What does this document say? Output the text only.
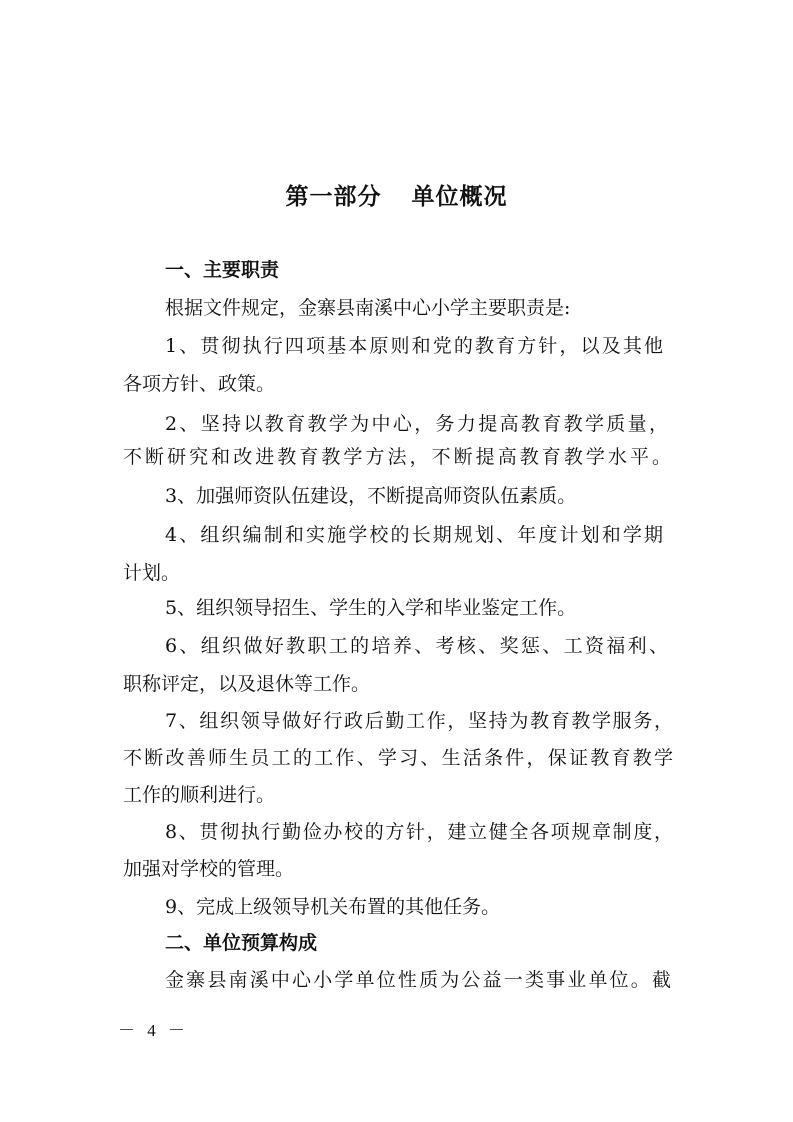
第一部分 单位概况
一、主要职责
根据文件规定，金寨县南溪中心小学主要职责是:
1、贯彻执行四项基本原则和党的教育方针，以及其他
各项方针、政策。
2、坚持以教育教学为中心，务力提高教育教学质量，
不断研究和改进教育教学方法，不断提高教育教学水平。
3、加强师资队伍建设，不断提高师资队伍素质。
4、组织编制和实施学校的长期规划、年度计划和学期
计划。
5、组织领导招生、学生的入学和毕业鉴定工作。
6、组织做好教职工的培养、考核、奖惩、工资福利、
职称评定，以及退休等工作。
7、组织领导做好行政后勤工作，坚持为教育教学服务，
不断改善师生员工的工作、学习、生活条件，保证教育教学
工作的顺利进行。
8、贯彻执行勤俭办校的方针，建立健全各项规章制度，
加强对学校的管理。
9、完成上级领导机关布置的其他任务。
二、单位预算构成
金寨县南溪中心小学单位性质为公益一类事业单位。截
－ 4 －
